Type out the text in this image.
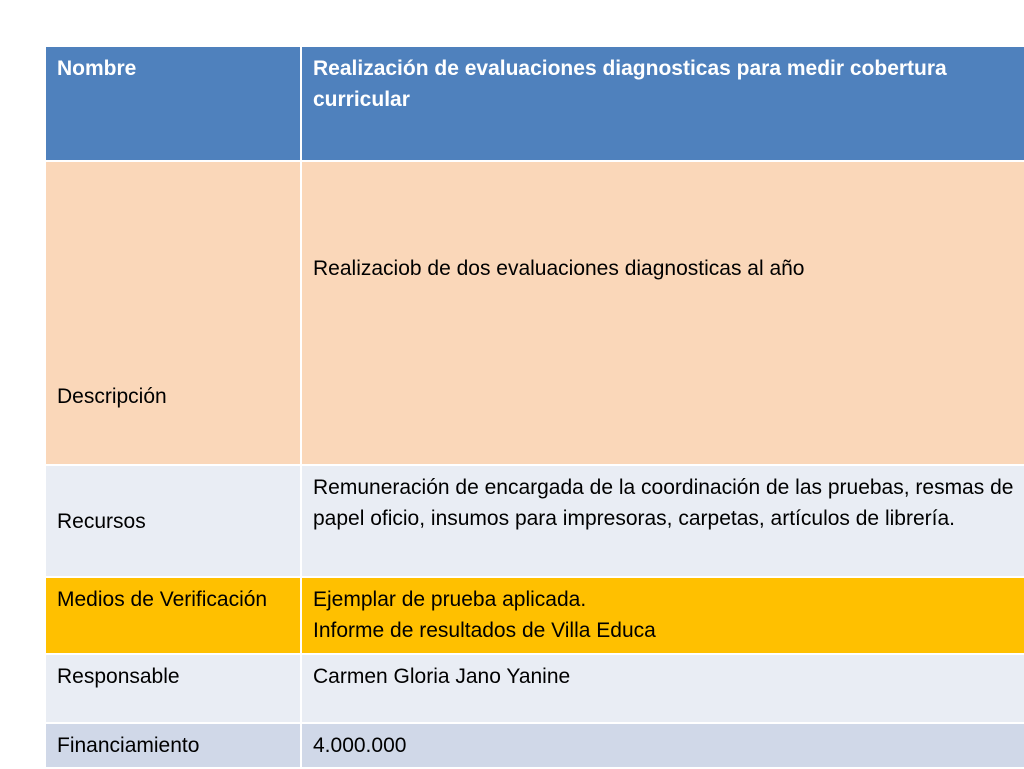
Nombre	Realización de evaluaciones diagnosticas para medir cobertura curricular
Descripción	Realizaciob de dos evaluaciones diagnosticas al año
Recursos	Remuneración de encargada de la coordinación de las pruebas, resmas de papel oficio, insumos para impresoras, carpetas, artículos de librería.
Medios de Verificación	Ejemplar de prueba aplicada.
Informe de resultados de Villa Educa

Responsable	Carmen Gloria Jano Yanine
Financiamiento	4.000.000
